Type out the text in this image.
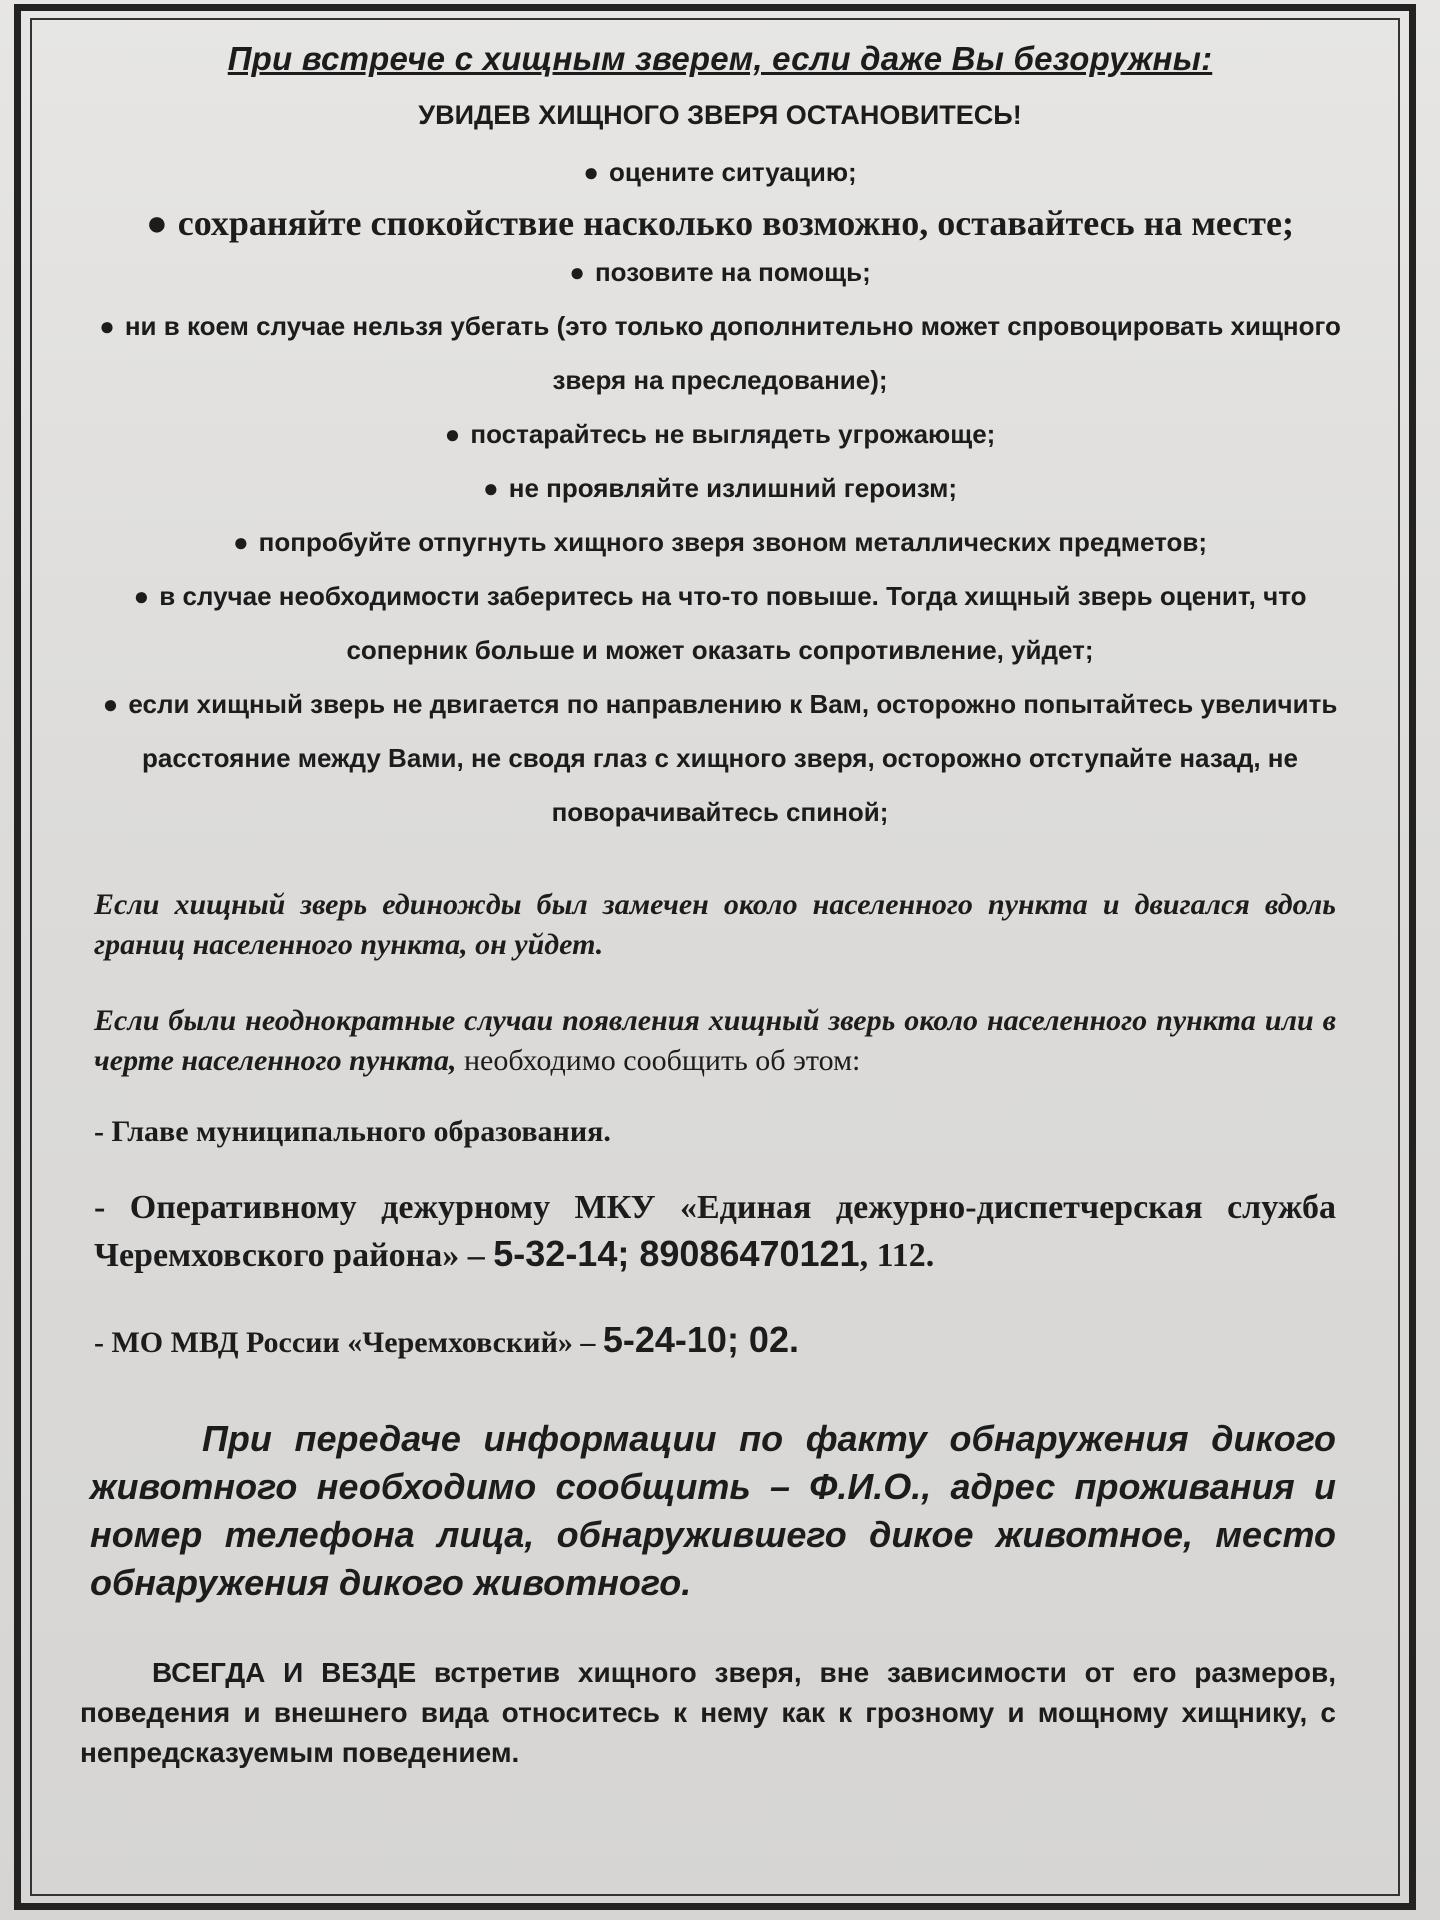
При встрече с хищным зверем, если даже Вы безоружны:
УВИДЕВ ХИЩНОГО ЗВЕРЯ ОСТАНОВИТЕСЬ!
● оцените ситуацию;
● сохраняйте спокойствие насколько возможно, оставайтесь на месте;
● позовите на помощь;
● ни в коем случае нельзя убегать (это только дополнительно может спровоцировать хищного зверя на преследование);
● постарайтесь не выглядеть угрожающе;
● не проявляйте излишний героизм;
● попробуйте отпугнуть хищного зверя звоном металлических предметов;
● в случае необходимости заберитесь на что-то повыше. Тогда хищный зверь оценит, что соперник больше и может оказать сопротивление, уйдет;
● если хищный зверь не двигается по направлению к Вам, осторожно попытайтесь увеличить расстояние между Вами, не сводя глаз с хищного зверя, осторожно отступайте назад, не поворачивайтесь спиной;

Если хищный зверь единожды был замечен около населенного пункта и двигался вдоль границ населенного пункта, он уйдет.

Если были неоднократные случаи появления хищный зверь около населенного пункта или в черте населенного пункта, необходимо сообщить об этом:

- Главе муниципального образования.
- Оперативному дежурному МКУ «Единая дежурно-диспетчерская служба Черемховского района» – 5-32-14; 89086470121, 112.
- МО МВД России «Черемховский» – 5-24-10; 02.

При передаче информации по факту обнаружения дикого животного необходимо сообщить – Ф.И.О., адрес проживания и номер телефона лица, обнаружившего дикое животное, место обнаружения дикого животного.

ВСЕГДА И ВЕЗДЕ встретив хищного зверя, вне зависимости от его размеров, поведения и внешнего вида относитесь к нему как к грозному и мощному хищнику, с непредсказуемым поведением.
